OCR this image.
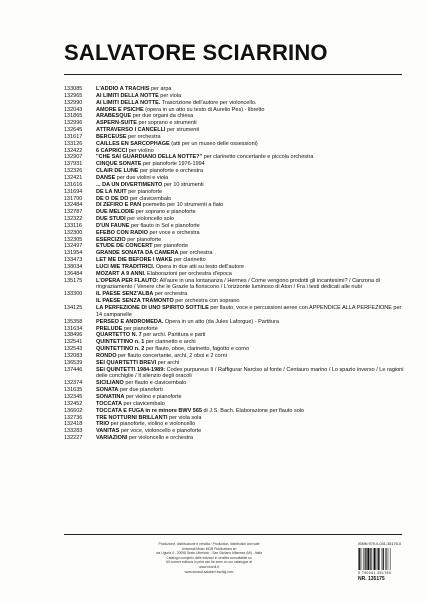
SALVATORE SCIARRINO
133085	L'ADDIO A TRACHIS per arpa
132965	AI LIMITI DELLA NOTTE per viola
132990	AI LIMITI DELLA NOTTE. Trascrizione dell'autore per violoncello.
132043	AMORE E PSICHE (opera in un atto su testo di Aurelio Pes) - libretto
131865	ARABESQUE per due organi da chiesa
132996	ASPERN-SUITE per soprano e strumenti
132645	ATTRAVERSO I CANCELLI per strumenti
131617	BERCEUSE per orchestra
133126	CAILLES EN SARCOPHAGE (atti per un museo delle ossessioni)
132422	6 CAPRICCI per violino
132907	"CHE SAI GUARDIANO DELLA NOTTE?" per clarinetto concertante e piccola orchestra
137931	CINQUE SONATE per pianoforte 1976-1994
132326	CLAIR DE LUNE per pianoforte e orchestra
132421	DANSE per due violini e viola
131616	... DA UN DIVERTIMENTO per 10 strumenti
131694	DE LA NUIT per pianoforte
131700	DE O DE DO per clavicembalo
132484	DI ZEFIRO E PAN poemetto per 10 strumenti a fiato
132787	DUE MELODIE per soprano e pianoforte
132322	DUE STUDI per violoncello solo
133116	D'UN FAUNE per flauto in Sol e pianoforte
132300	EFEBO CON RADIO per voce e orchestra
132305	ESERCIZIO per pianoforte
132497	ETUDE DE CONCERT per pianoforte
131954	GRANDE SONATA DA CAMERA per orchestra
133473	LET ME DIE BEFORE I WAKE per clarinetto
138034	LUCI MIE TRADITRICI. Opera in due atti su testo dell'autore
136484	MOZART A 9 ANNI. Elaborazioni per orchestra d'epoca
135175	L'OPERA PER FLAUTO: All'aure in una lontananza / Hermes / Come vengono prodotti gli incantesimi? / Canzona di ringraziamento / Venere che le Grazie la fioriscono / L'orizzonte luminoso di Aton / Fra i testi dedicati alle nubi
133300	IL PAESE SENZ'ALBA per orchestra
IL PAESE SENZA TRAMONTO per orchestra con soprano
134125	LA PERFEZIONE DI UNO SPIRITO SOTTILE per flauto, voce e percussioni aeree con APPENDICE ALLA PERFEZIONE per 14 campanelle
135358	PERSEO E ANDROMEDA. Opera in un atto (da Jules Laforgue) - Partitura
131634	PRELUDE per pianoforte
138496	QUARTETTO N. 7 per archi. Partitura e parti
132541	QUINTETTINO n. 1 per clarinetto e archi
132543	QUINTETTINO n. 2 per flauto, oboe, clarinetto, fagotto e corno
132083	RONDO per flauto concertante, archi, 2 oboi e 2 corni
136539	SEI QUARTETTI BREVI per archi
137446	SEI QUINTETTI 1984-1989: Codex purpureus II / Raffigurar Narciso al fonte / Centauro marino / Lo spazio inverso / Le ragioni delle conchiglie / Il silenzio degli oracoli
132374	SICILIANO per flauto e clavicembalo
131635	SONATA per due pianoforti
132345	SONATINA per violino e pianoforte
132452	TOCCATA per clavicembalo
136602	TOCCATA E FUGA in re minore BWV 565 di J.S. Bach. Elaborazione per flauto solo
132736	TRE NOTTURNI BRILLANTI per viola sola
132418	TRIO per pianoforte, violino e violoncello
133283	VANITAS per voce, violoncello e pianoforte
132227	VARIAZIONI per violoncello e orchestra
Produzione, distribuzione e vendita / Production, distribution and sale
Universal Music MGB Publications srl
via Liguria 4 - 20098 Sesto Ulteriano - San Giuliano Milanese (MI) - Italia
Catalogo completo delle edizioni in vendita consultabile su
All current editions in print can be seen on our catalogue at
www.ricordi.it
www.durand-salabert-eschig.com
ISMN 979-0-041-35175-0
9 790041 351750
NR. 135175
